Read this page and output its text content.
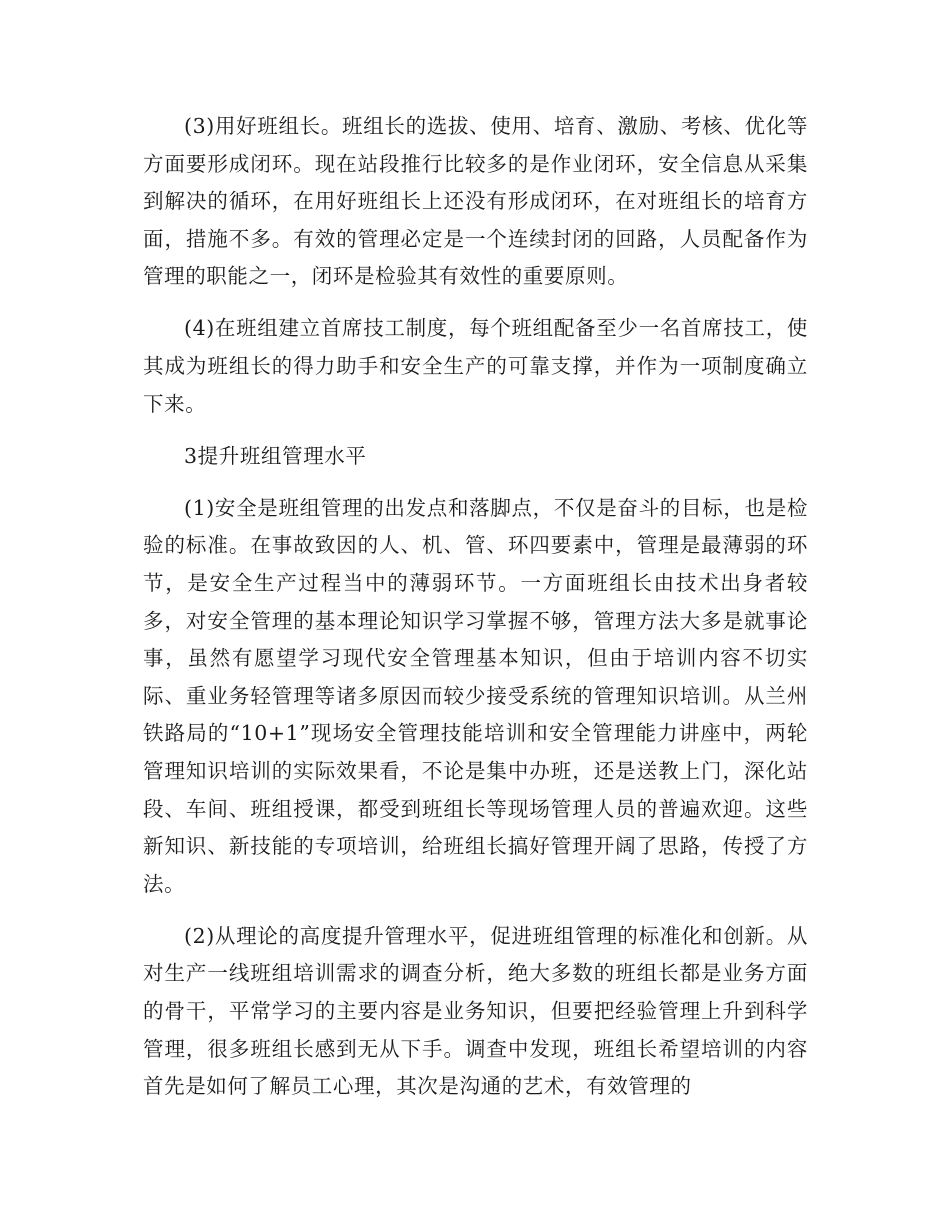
(3)用好班组长。班组长的选拔、使用、培育、激励、考核、优化等方面要形成闭环。现在站段推行比较多的是作业闭环，安全信息从采集到解决的循环，在用好班组长上还没有形成闭环，在对班组长的培育方面，措施不多。有效的管理必定是一个连续封闭的回路，人员配备作为管理的职能之一，闭环是检验其有效性的重要原则。

(4)在班组建立首席技工制度，每个班组配备至少一名首席技工，使其成为班组长的得力助手和安全生产的可靠支撑，并作为一项制度确立下来。

3提升班组管理水平

(1)安全是班组管理的出发点和落脚点，不仅是奋斗的目标，也是检验的标准。在事故致因的人、机、管、环四要素中，管理是最薄弱的环节，是安全生产过程当中的薄弱环节。一方面班组长由技术出身者较多，对安全管理的基本理论知识学习掌握不够，管理方法大多是就事论事，虽然有愿望学习现代安全管理基本知识，但由于培训内容不切实际、重业务轻管理等诸多原因而较少接受系统的管理知识培训。从兰州铁路局的“10+1”现场安全管理技能培训和安全管理能力讲座中，两轮管理知识培训的实际效果看，不论是集中办班，还是送教上门，深化站段、车间、班组授课，都受到班组长等现场管理人员的普遍欢迎。这些新知识、新技能的专项培训，给班组长搞好管理开阔了思路，传授了方法。

(2)从理论的高度提升管理水平，促进班组管理的标准化和创新。从对生产一线班组培训需求的调查分析，绝大多数的班组长都是业务方面的骨干，平常学习的主要内容是业务知识，但要把经验管理上升到科学管理，很多班组长感到无从下手。调查中发现，班组长希望培训的内容首先是如何了解员工心理，其次是沟通的艺术，有效管理的
